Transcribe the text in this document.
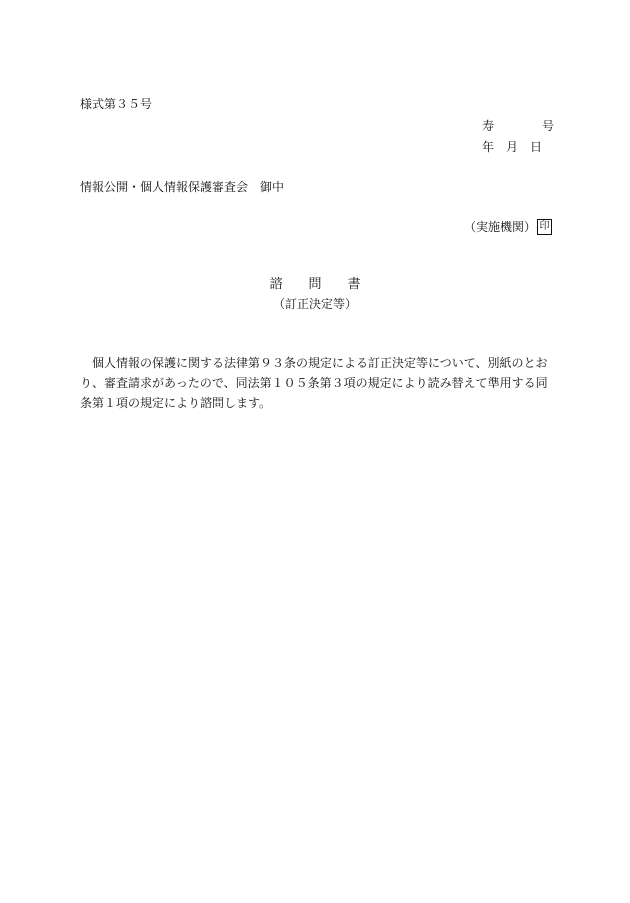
様式第３５号
寿　　　　号
年　月　日
情報公開・個人情報保護審査会　御中
（実施機関） 印
諮　　問　　書
（訂正決定等）
　個人情報の保護に関する法律第９３条の規定による訂正決定等について、別紙のとお
り、審査請求があったので、同法第１０５条第３項の規定により読み替えて準用する同
条第１項の規定により諮問します。
